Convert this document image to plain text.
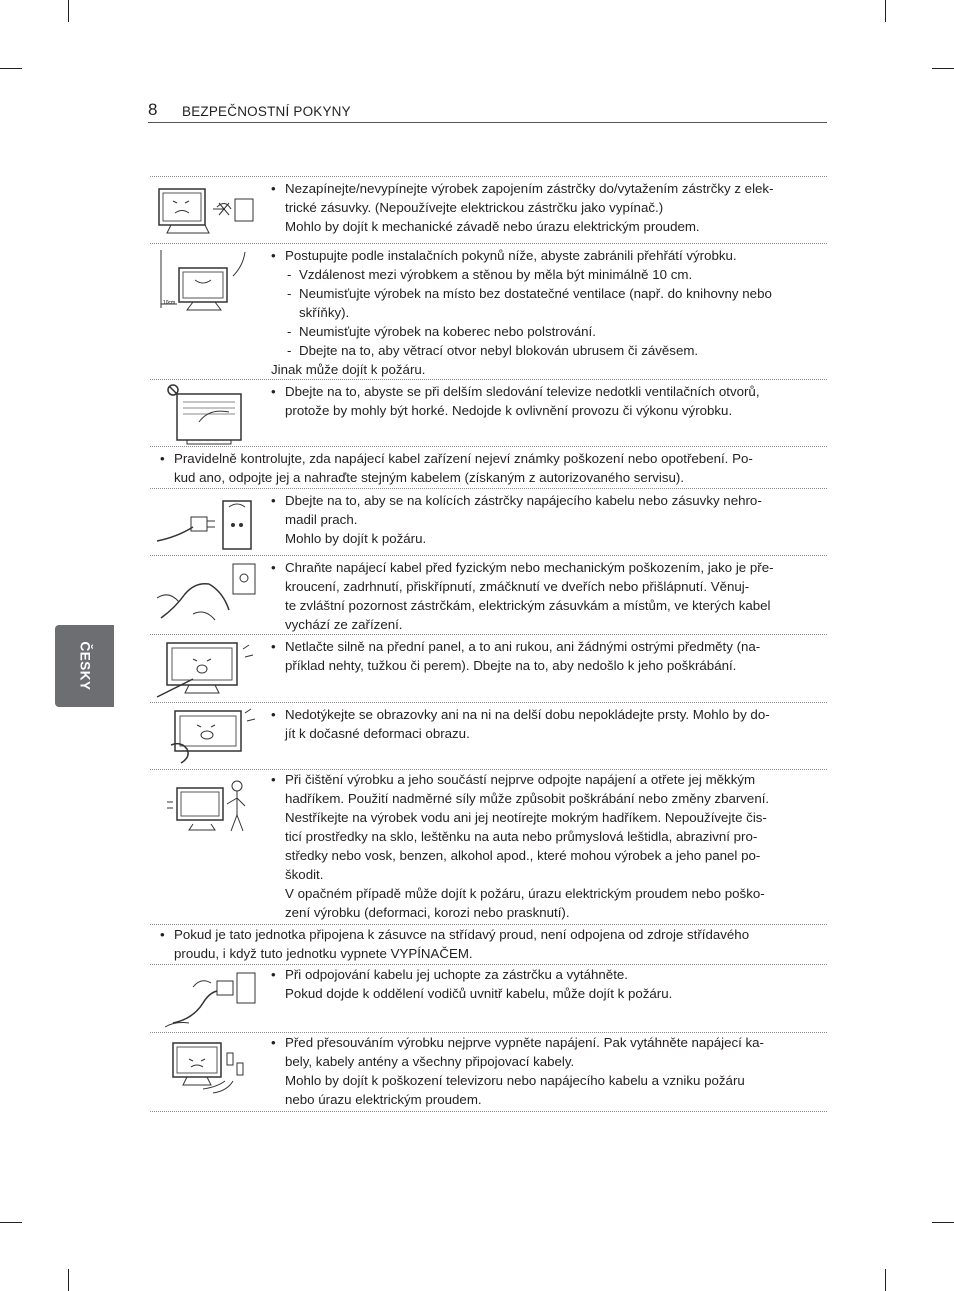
8 BEZPEČNOSTNÍ POKYNY
ČESKY
• Nezapínejte/nevypínejte výrobek zapojením zástrčky do/vytažením zástrčky z elek-
trické zásuvky. (Nepoužívejte elektrickou zástrčku jako vypínač.)
Mohlo by dojít k mechanické závadě nebo úrazu elektrickým proudem.
10cm
• Postupujte podle instalačních pokynů níže, abyste zabránili přehřátí výrobku.
- Vzdálenost mezi výrobkem a stěnou by měla být minimálně 10 cm.
- Neumisťujte výrobek na místo bez dostatečné ventilace (např. do knihovny nebo
skříňky).
- Neumisťujte výrobek na koberec nebo polstrování.
- Dbejte na to, aby větrací otvor nebyl blokován ubrusem či závěsem.
Jinak může dojít k požáru.
• Dbejte na to, abyste se při delším sledování televize nedotkli ventilačních otvorů,
protože by mohly být horké. Nedojde k ovlivnění provozu či výkonu výrobku.
• Pravidelně kontrolujte, zda napájecí kabel zařízení nejeví známky poškození nebo opotřebení. Po-
kud ano, odpojte jej a nahraďte stejným kabelem (získaným z autorizovaného servisu).
• Dbejte na to, aby se na kolících zástrčky napájecího kabelu nebo zásuvky nehro-
madil prach.
Mohlo by dojít k požáru.
• Chraňte napájecí kabel před fyzickým nebo mechanickým poškozením, jako je pře-
kroucení, zadrhnutí, přiskřípnutí, zmáčknutí ve dveřích nebo přišlápnutí. Věnuj-
te zvláštní pozornost zástrčkám, elektrickým zásuvkám a místům, ve kterých kabel
vychází ze zařízení.
• Netlačte silně na přední panel, a to ani rukou, ani žádnými ostrými předměty (na-
příklad nehty, tužkou či perem). Dbejte na to, aby nedošlo k jeho poškrábání.
• Nedotýkejte se obrazovky ani na ni na delší dobu nepokládejte prsty. Mohlo by do-
jít k dočasné deformaci obrazu.
• Při čištění výrobku a jeho součástí nejprve odpojte napájení a otřete jej měkkým
hadříkem. Použití nadměrné síly může způsobit poškrábání nebo změny zbarvení.
Nestříkejte na výrobek vodu ani jej neotírejte mokrým hadříkem. Nepoužívejte čis-
ticí prostředky na sklo, leštěnku na auta nebo průmyslová leštidla, abrazivní pro-
středky nebo vosk, benzen, alkohol apod., které mohou výrobek a jeho panel po-
škodit.
V opačném případě může dojít k požáru, úrazu elektrickým proudem nebo poško-
zení výrobku (deformaci, korozi nebo prasknutí).
• Pokud je tato jednotka připojena k zásuvce na střídavý proud, není odpojena od zdroje střídavého
proudu, i když tuto jednotku vypnete VYPÍNAČEM.
• Při odpojování kabelu jej uchopte za zástrčku a vytáhněte.
Pokud dojde k oddělení vodičů uvnitř kabelu, může dojít k požáru.
• Před přesouváním výrobku nejprve vypněte napájení. Pak vytáhněte napájecí ka-
bely, kabely antény a všechny připojovací kabely.
Mohlo by dojít k poškození televizoru nebo napájecího kabelu a vzniku požáru
nebo úrazu elektrickým proudem.
